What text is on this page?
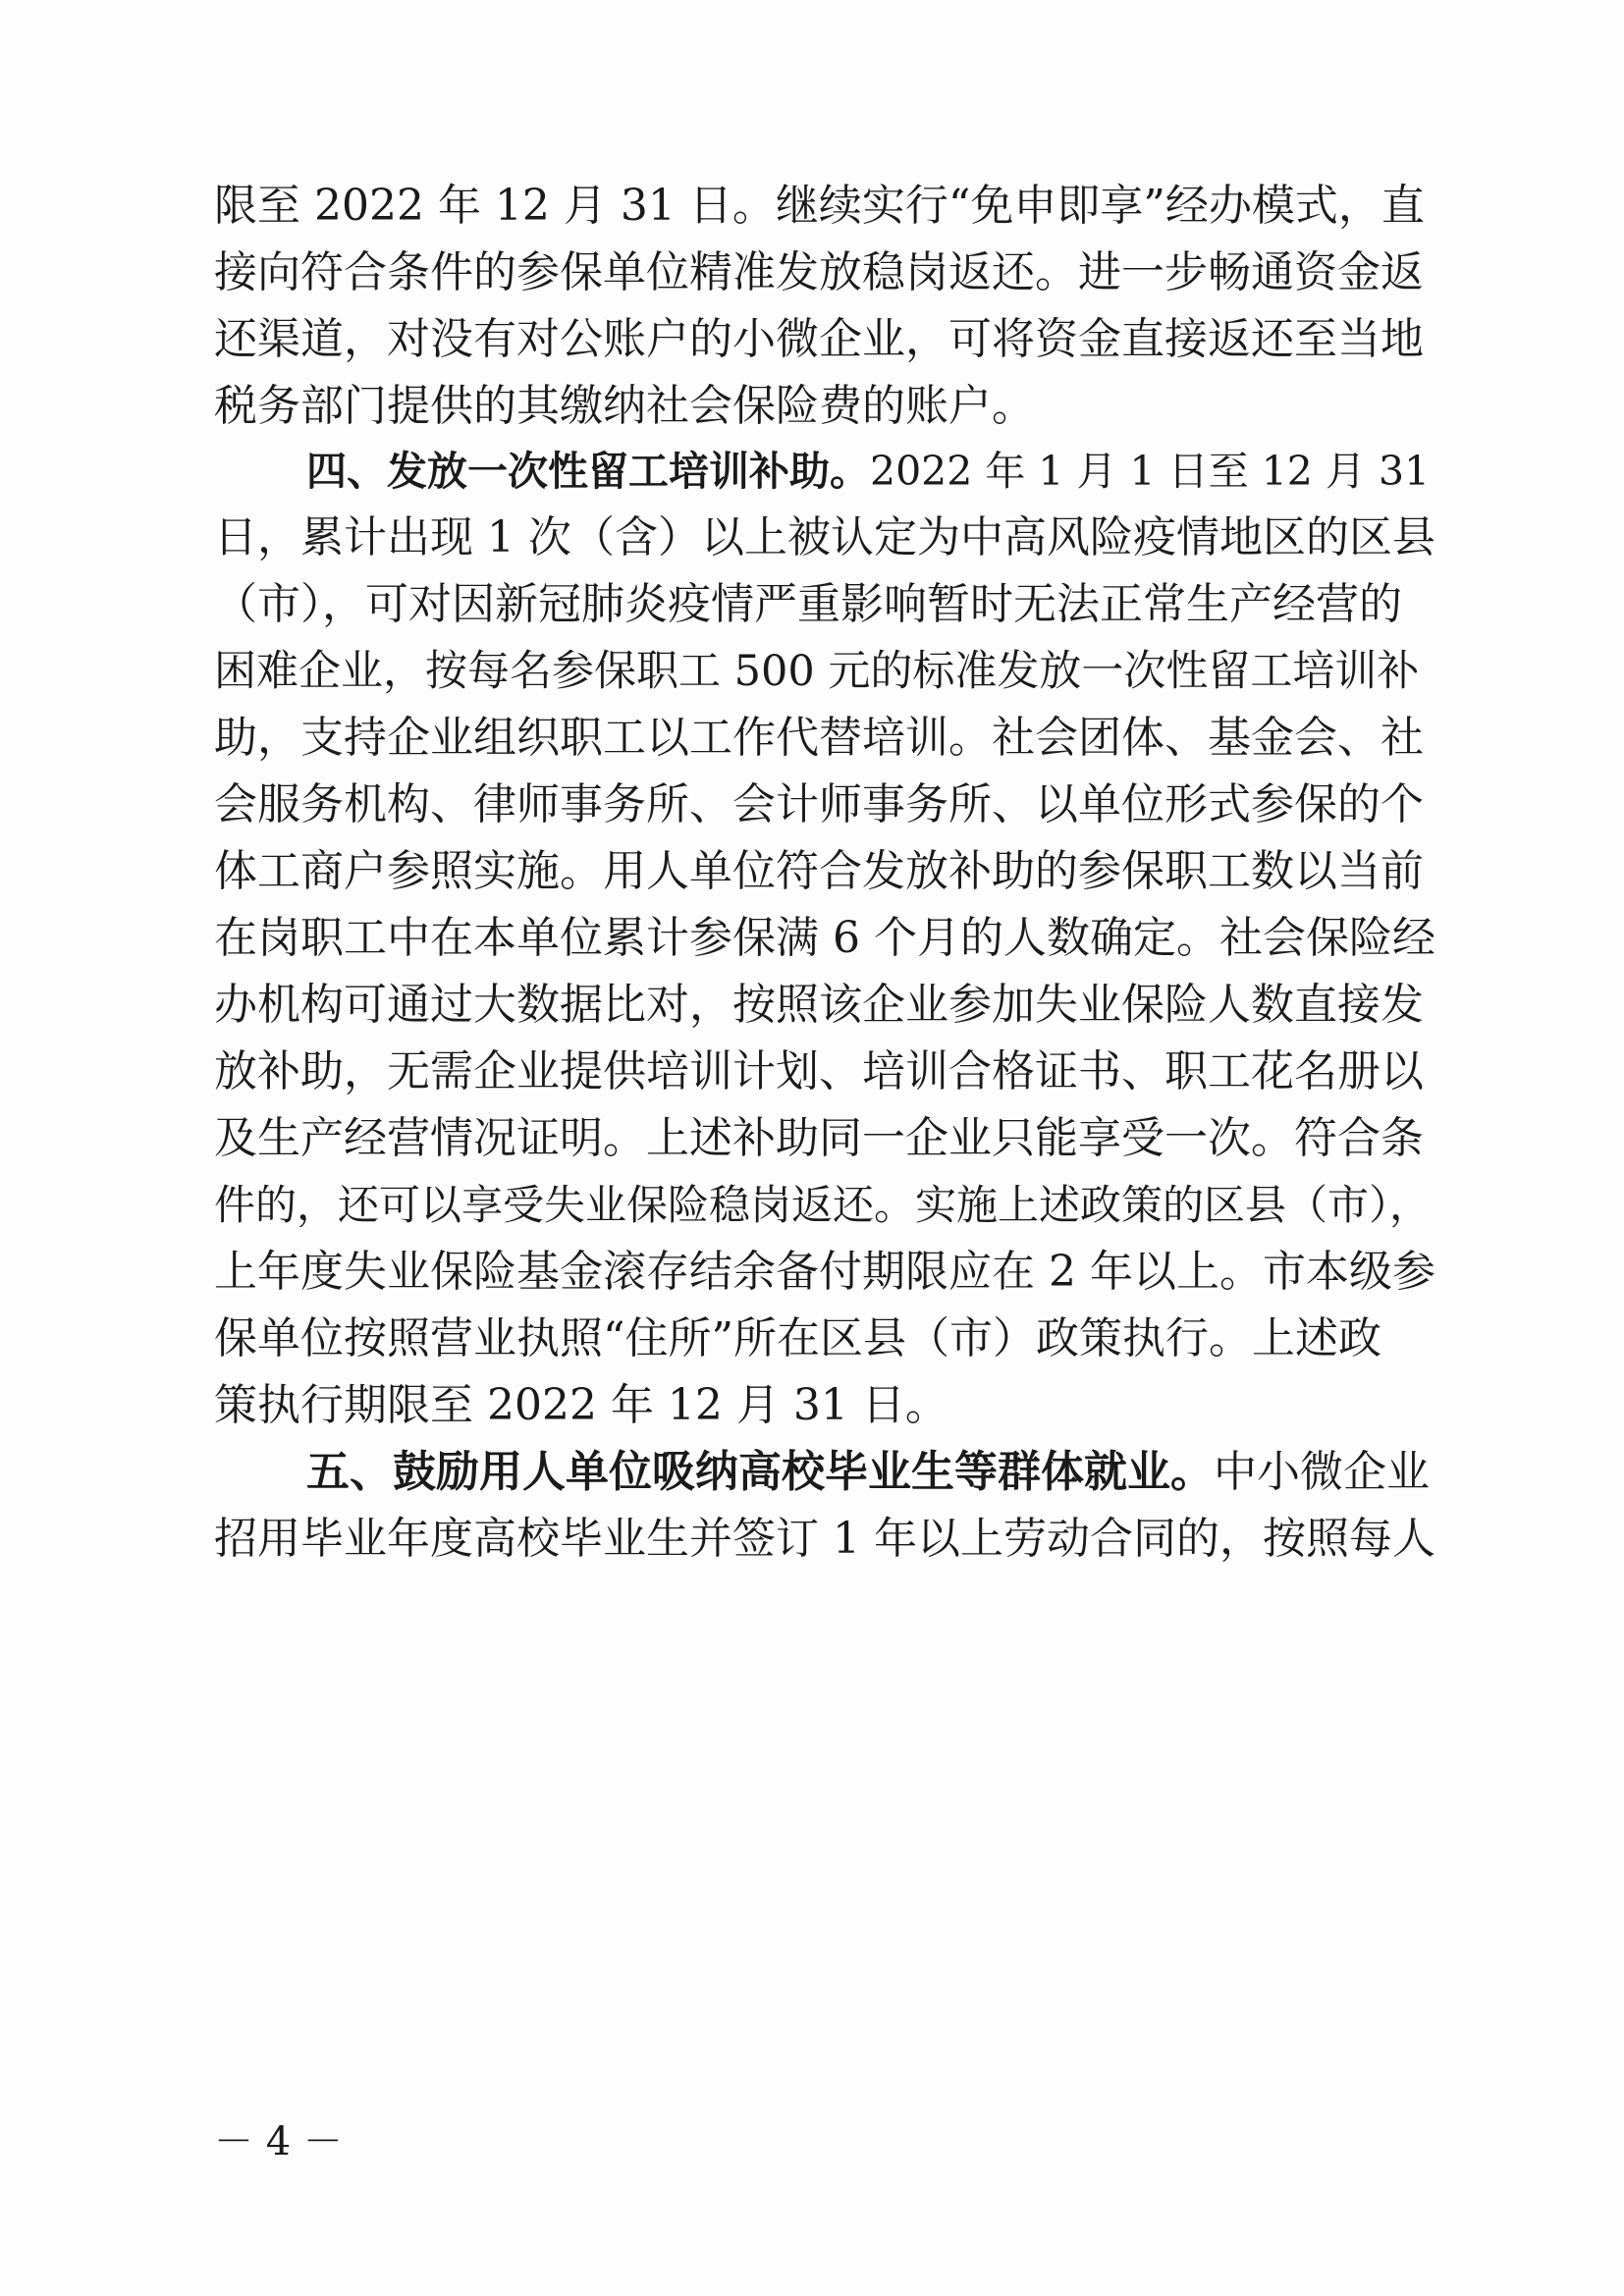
限至 2022 年 12 月 31 日。继续实行“免申即享”经办模式，直
接向符合条件的参保单位精准发放稳岗返还。进一步畅通资金返
还渠道，对没有对公账户的小微企业，可将资金直接返还至当地
税务部门提供的其缴纳社会保险费的账户。
四、发放一次性留工培训补助。2022 年 1 月 1 日至 12 月 31
日，累计出现 1 次（含）以上被认定为中高风险疫情地区的区县
（市），可对因新冠肺炎疫情严重影响暂时无法正常生产经营的
困难企业，按每名参保职工 500 元的标准发放一次性留工培训补
助，支持企业组织职工以工作代替培训。社会团体、基金会、社
会服务机构、律师事务所、会计师事务所、以单位形式参保的个
体工商户参照实施。用人单位符合发放补助的参保职工数以当前
在岗职工中在本单位累计参保满 6 个月的人数确定。社会保险经
办机构可通过大数据比对，按照该企业参加失业保险人数直接发
放补助，无需企业提供培训计划、培训合格证书、职工花名册以
及生产经营情况证明。上述补助同一企业只能享受一次。符合条
件的，还可以享受失业保险稳岗返还。实施上述政策的区县（市），
上年度失业保险基金滚存结余备付期限应在 2 年以上。市本级参
保单位按照营业执照“住所”所在区县（市）政策执行。上述政
策执行期限至 2022 年 12 月 31 日。
五、鼓励用人单位吸纳高校毕业生等群体就业。中小微企业
招用毕业年度高校毕业生并签订 1 年以上劳动合同的，按照每人
－ 4 －
